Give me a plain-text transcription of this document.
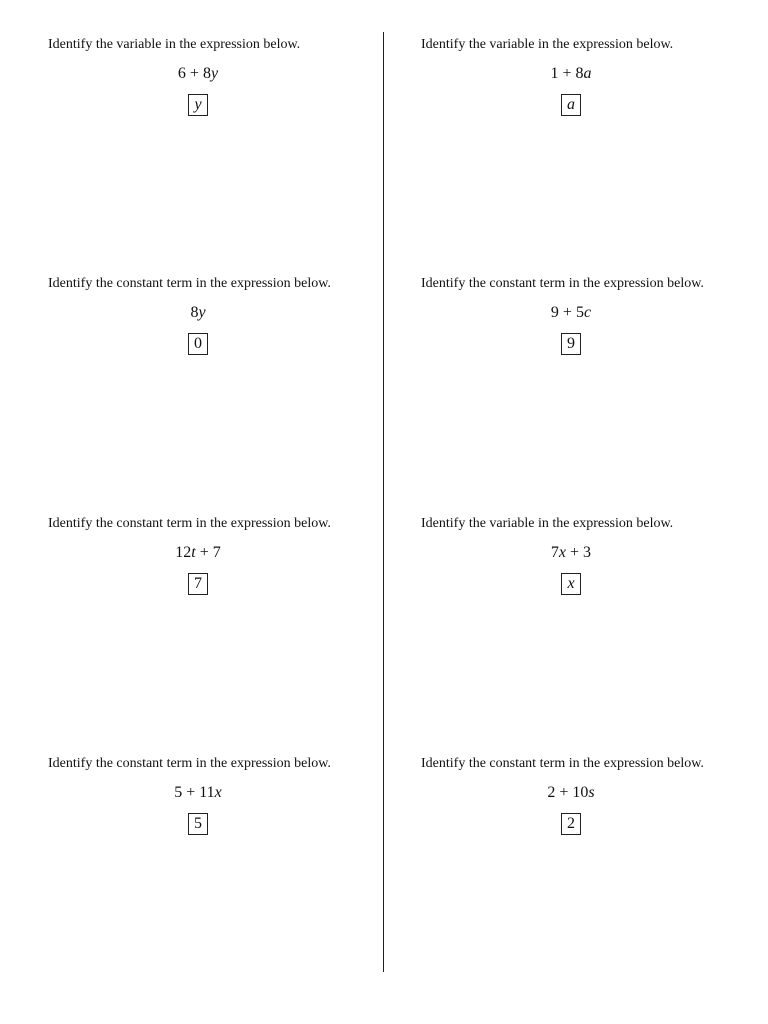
Identify the variable in the expression below.
6 + 8y
y
Identify the variable in the expression below.
1 + 8a
a
Identify the constant term in the expression below.
8y
0
Identify the constant term in the expression below.
9 + 5c
9
Identify the constant term in the expression below.
12t + 7
7
Identify the variable in the expression below.
7x + 3
x
Identify the constant term in the expression below.
5 + 11x
5
Identify the constant term in the expression below.
2 + 10s
2
